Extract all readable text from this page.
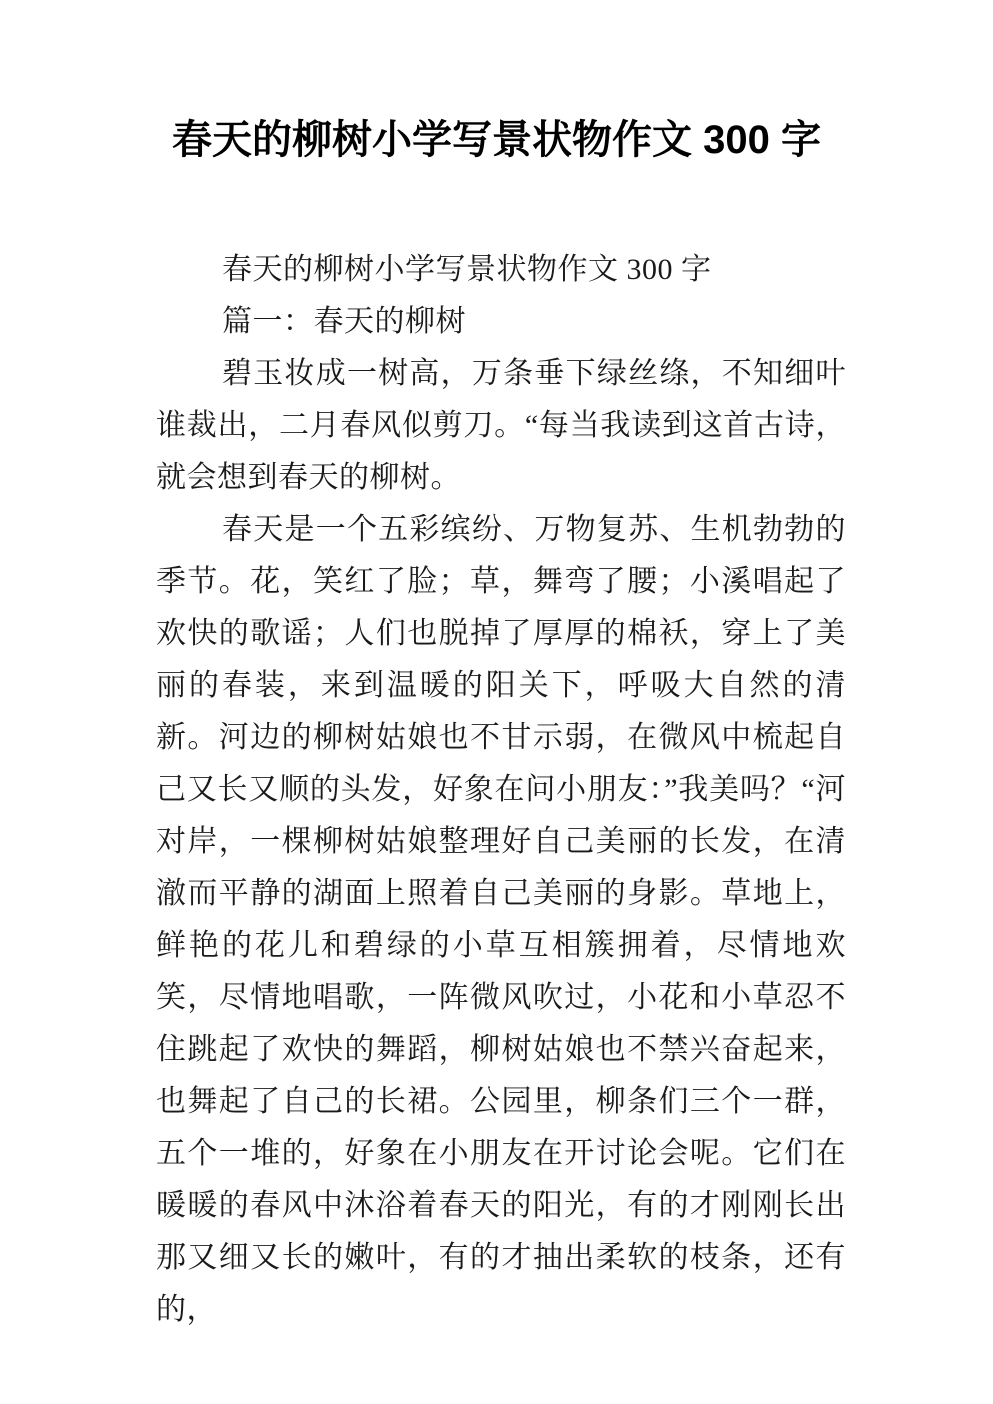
春天的柳树小学写景状物作文 300 字

春天的柳树小学写景状物作文 300 字

篇一：春天的柳树

碧玉妆成一树高，万条垂下绿丝绦，不知细叶谁裁出，二月春风似剪刀。“每当我读到这首古诗，就会想到春天的柳树。

春天是一个五彩缤纷、万物复苏、生机勃勃的季节。花，笑红了脸；草，舞弯了腰；小溪唱起了欢快的歌谣；人们也脱掉了厚厚的棉袄，穿上了美丽的春装，来到温暖的阳关下，呼吸大自然的清新。河边的柳树姑娘也不甘示弱，在微风中梳起自己又长又顺的头发，好象在问小朋友：”我美吗？“河对岸，一棵柳树姑娘整理好自己美丽的长发，在清澈而平静的湖面上照着自己美丽的身影。草地上，鲜艳的花儿和碧绿的小草互相簇拥着，尽情地欢笑，尽情地唱歌，一阵微风吹过，小花和小草忍不住跳起了欢快的舞蹈，柳树姑娘也不禁兴奋起来，也舞起了自己的长裙。公园里，柳条们三个一群，五个一堆的，好象在小朋友在开讨论会呢。它们在暖暖的春风中沐浴着春天的阳光，有的才刚刚长出那又细又长的嫩叶，有的才抽出柔软的枝条，还有的，
